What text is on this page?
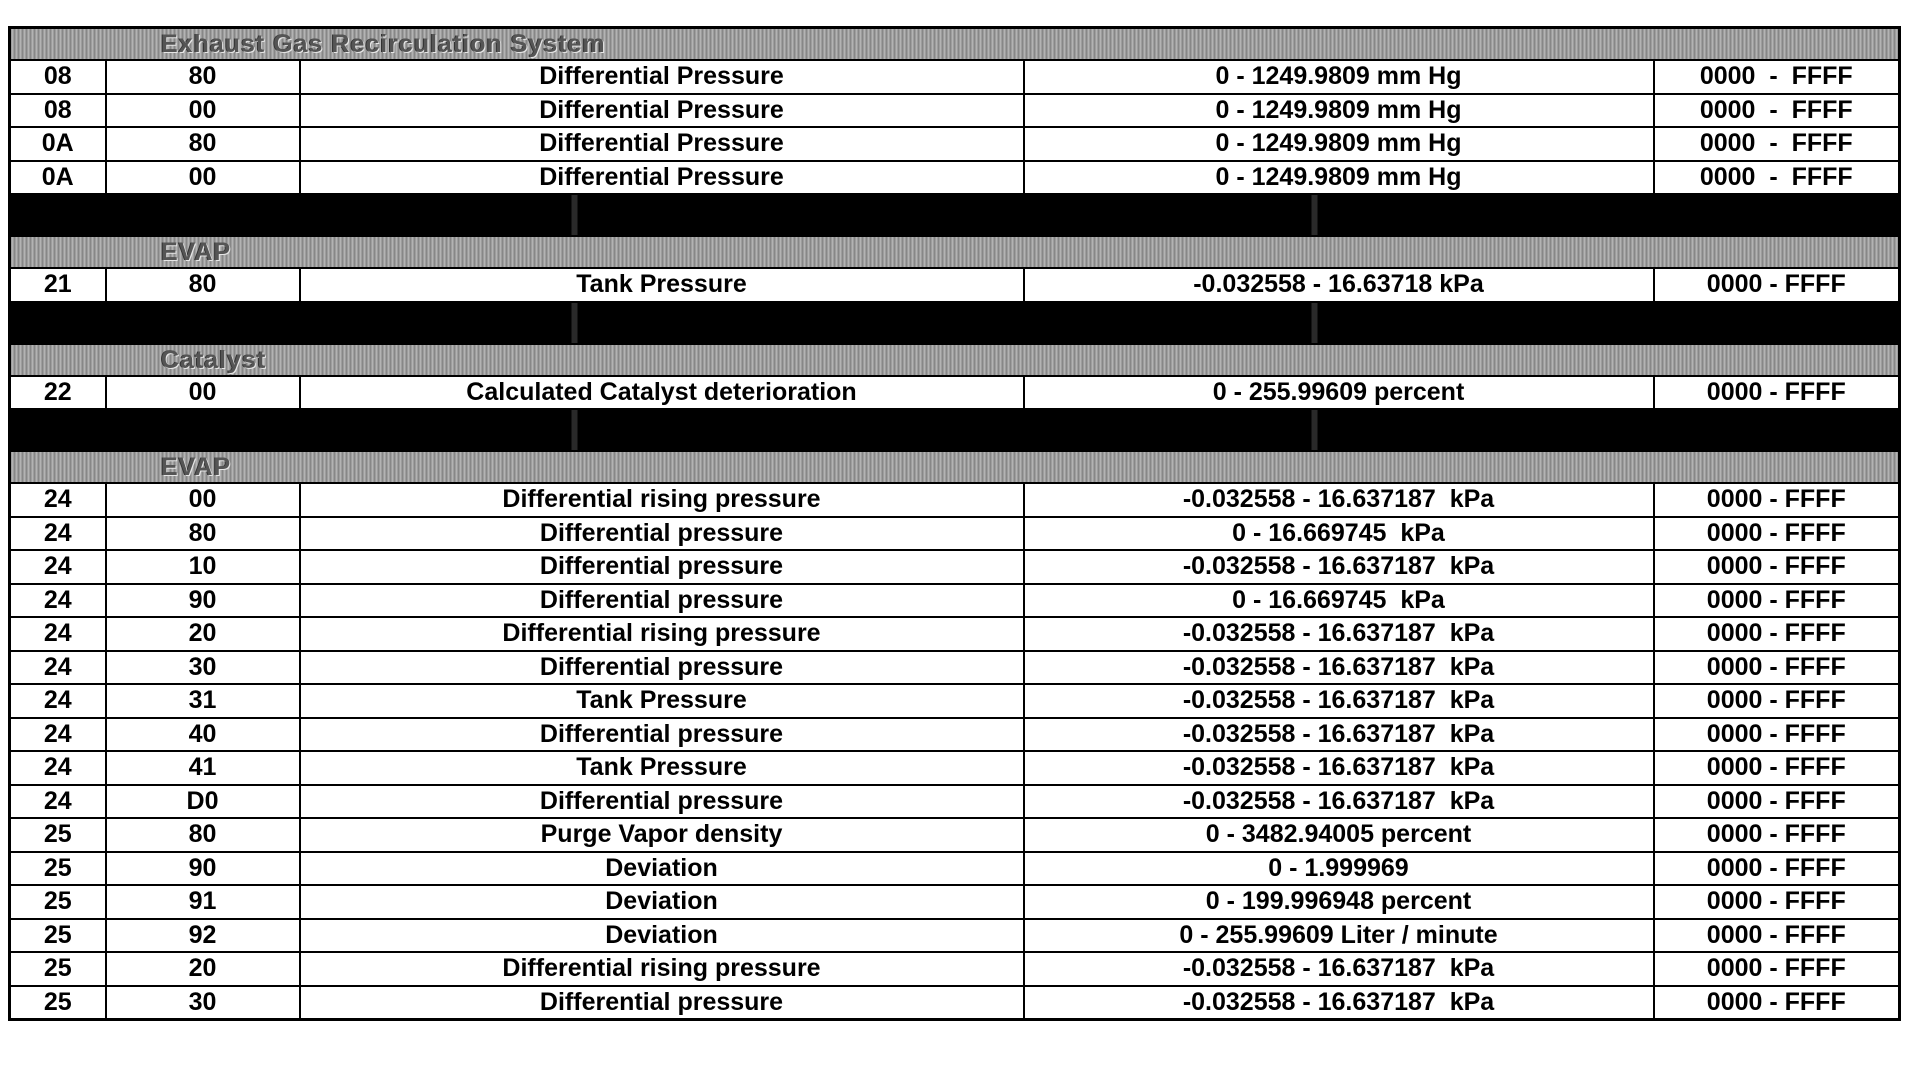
Exhaust Gas Recirculation System				
08	80	Differential Pressure	0 - 1249.9809 mm Hg	0000  -  FFFF
08	00	Differential Pressure	0 - 1249.9809 mm Hg	0000  -  FFFF
0A	80	Differential Pressure	0 - 1249.9809 mm Hg	0000  -  FFFF
0A	00	Differential Pressure	0 - 1249.9809 mm Hg	0000  -  FFFF

EVAP				
21	80	Tank Pressure	-0.032558 - 16.63718 kPa	0000 - FFFF

Catalyst				
22	00	Calculated Catalyst deterioration	0 - 255.99609 percent	0000 - FFFF

EVAP				
24	00	Differential rising pressure	-0.032558 - 16.637187  kPa	0000 - FFFF
24	80	Differential pressure	0 - 16.669745  kPa	0000 - FFFF
24	10	Differential pressure	-0.032558 - 16.637187  kPa	0000 - FFFF
24	90	Differential pressure	0 - 16.669745  kPa	0000 - FFFF
24	20	Differential rising pressure	-0.032558 - 16.637187  kPa	0000 - FFFF
24	30	Differential pressure	-0.032558 - 16.637187  kPa	0000 - FFFF
24	31	Tank Pressure	-0.032558 - 16.637187  kPa	0000 - FFFF
24	40	Differential pressure	-0.032558 - 16.637187  kPa	0000 - FFFF
24	41	Tank Pressure	-0.032558 - 16.637187  kPa	0000 - FFFF
24	D0	Differential pressure	-0.032558 - 16.637187  kPa	0000 - FFFF
25	80	Purge Vapor density	0 - 3482.94005 percent	0000 - FFFF
25	90	Deviation	0 - 1.999969	0000 - FFFF
25	91	Deviation	0 - 199.996948 percent	0000 - FFFF
25	92	Deviation	0 - 255.99609 Liter / minute	0000 - FFFF
25	20	Differential rising pressure	-0.032558 - 16.637187  kPa	0000 - FFFF
25	30	Differential pressure	-0.032558 - 16.637187  kPa	0000 - FFFF
